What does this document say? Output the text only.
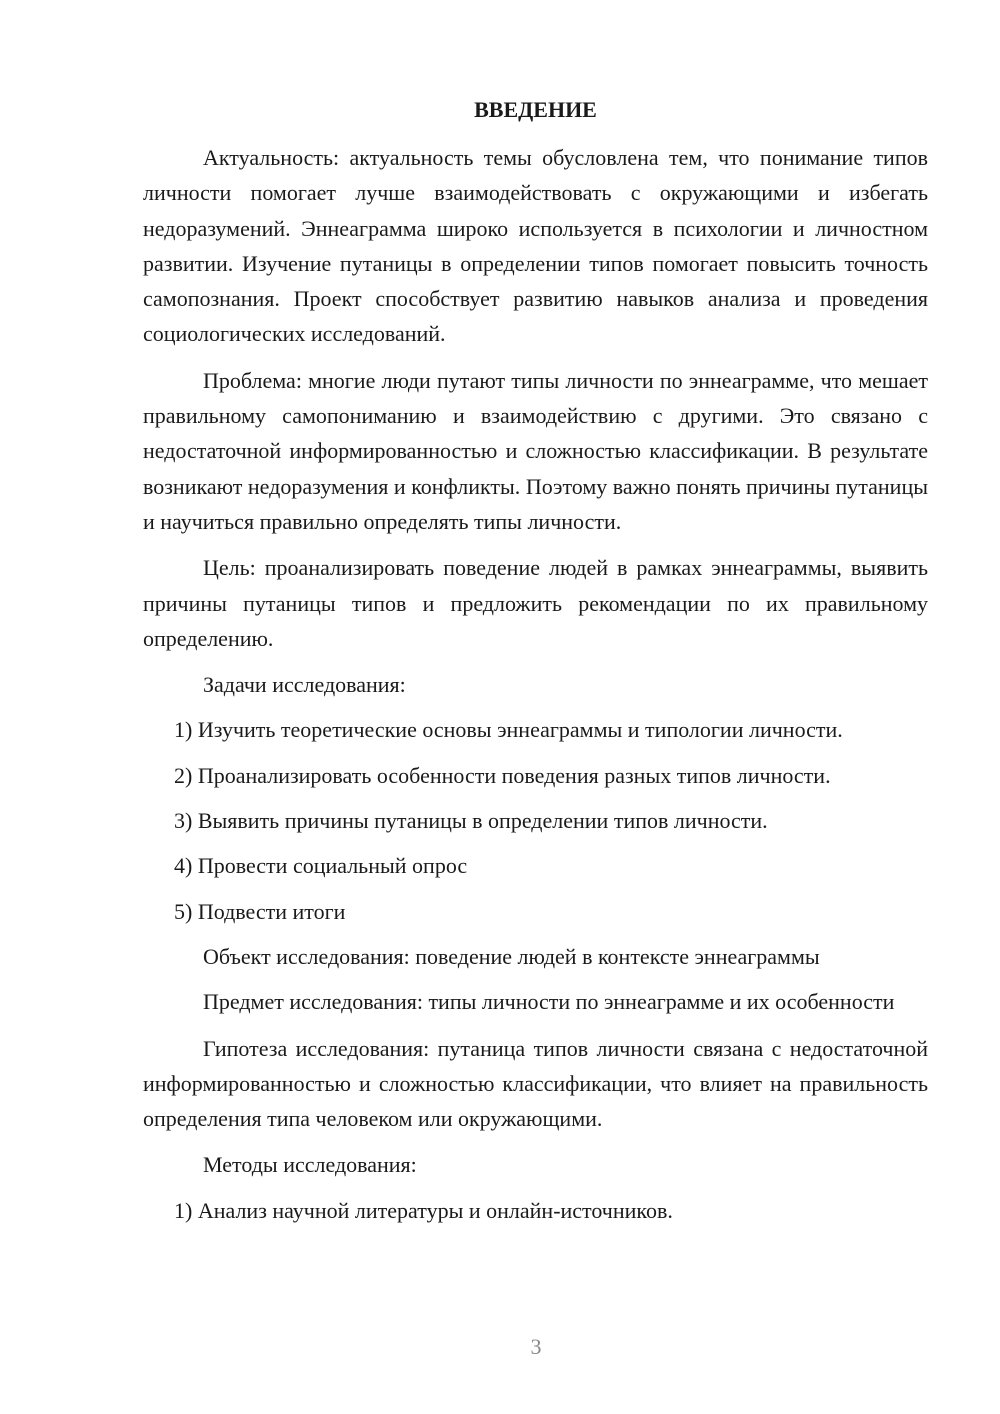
ВВЕДЕНИЕ

Актуальность: актуальность темы обусловлена тем, что понимание типов личности помогает лучше взаимодействовать с окружающими и избегать недоразумений. Эннеаграмма широко используется в психологии и личностном развитии. Изучение путаницы в определении типов помогает повысить точность самопознания. Проект способствует развитию навыков анализа и проведения социологических исследований.

Проблема: многие люди путают типы личности по эннеаграмме, что мешает правильному самопониманию и взаимодействию с другими. Это связано с недостаточной информированностью и сложностью классификации. В результате возникают недоразумения и конфликты. Поэтому важно понять причины путаницы и научиться правильно определять типы личности.

Цель: проанализировать поведение людей в рамках эннеаграммы, выявить причины путаницы типов и предложить рекомендации по их правильному определению.

Задачи исследования:
1) Изучить теоретические основы эннеаграммы и типологии личности.
2) Проанализировать особенности поведения разных типов личности.
3) Выявить причины путаницы в определении типов личности.
4) Провести социальный опрос
5) Подвести итоги
Объект исследования: поведение людей в контексте эннеаграммы

Предмет исследования: типы личности по эннеаграмме и их особенности

Гипотеза исследования: путаница типов личности связана с недостаточной информированностью и сложностью классификации, что влияет на правильность определения типа человеком или окружающими.

Методы исследования:
1) Анализ научной литературы и онлайн-источников.
3
